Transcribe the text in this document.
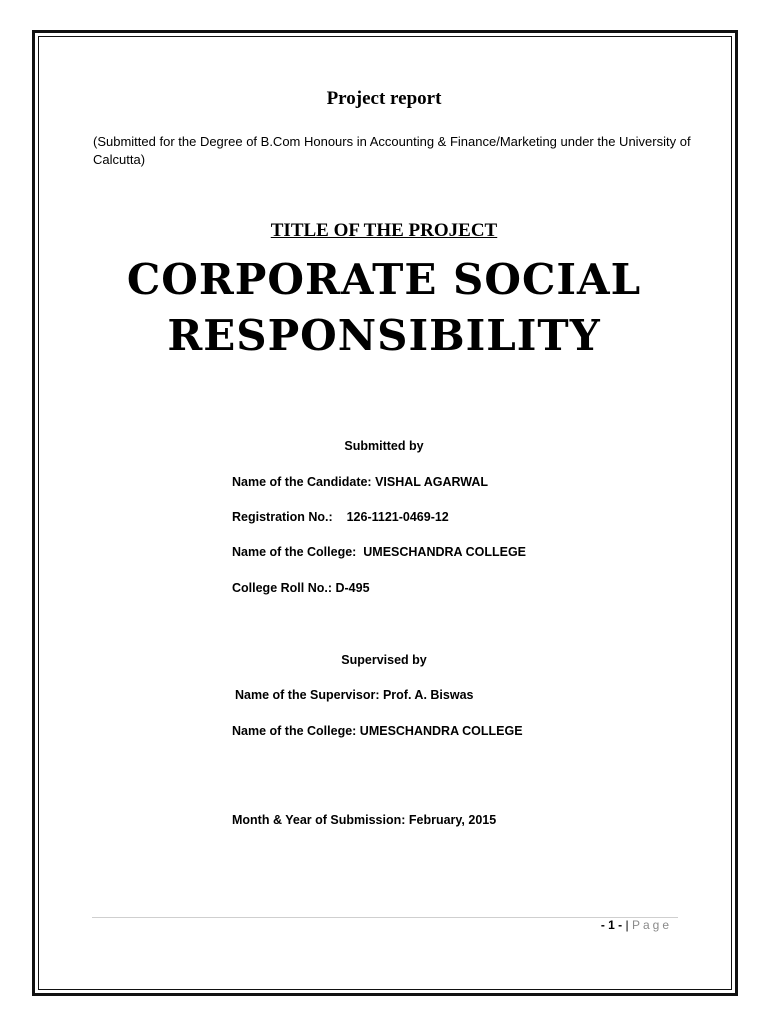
Project report
(Submitted for the Degree of B.Com Honours in Accounting & Finance/Marketing under the University of Calcutta)
TITLE OF THE PROJECT
CORPORATE SOCIAL
RESPONSIBILITY
Submitted by
Name of the Candidate: VISHAL AGARWAL
Registration No.:    126-1121-0469-12
Name of the College:  UMESCHANDRA COLLEGE
College Roll No.: D-495
Supervised by
Name of the Supervisor: Prof. A. Biswas
Name of the College: UMESCHANDRA COLLEGE
Month & Year of Submission: February, 2015
- 1 - | Page
